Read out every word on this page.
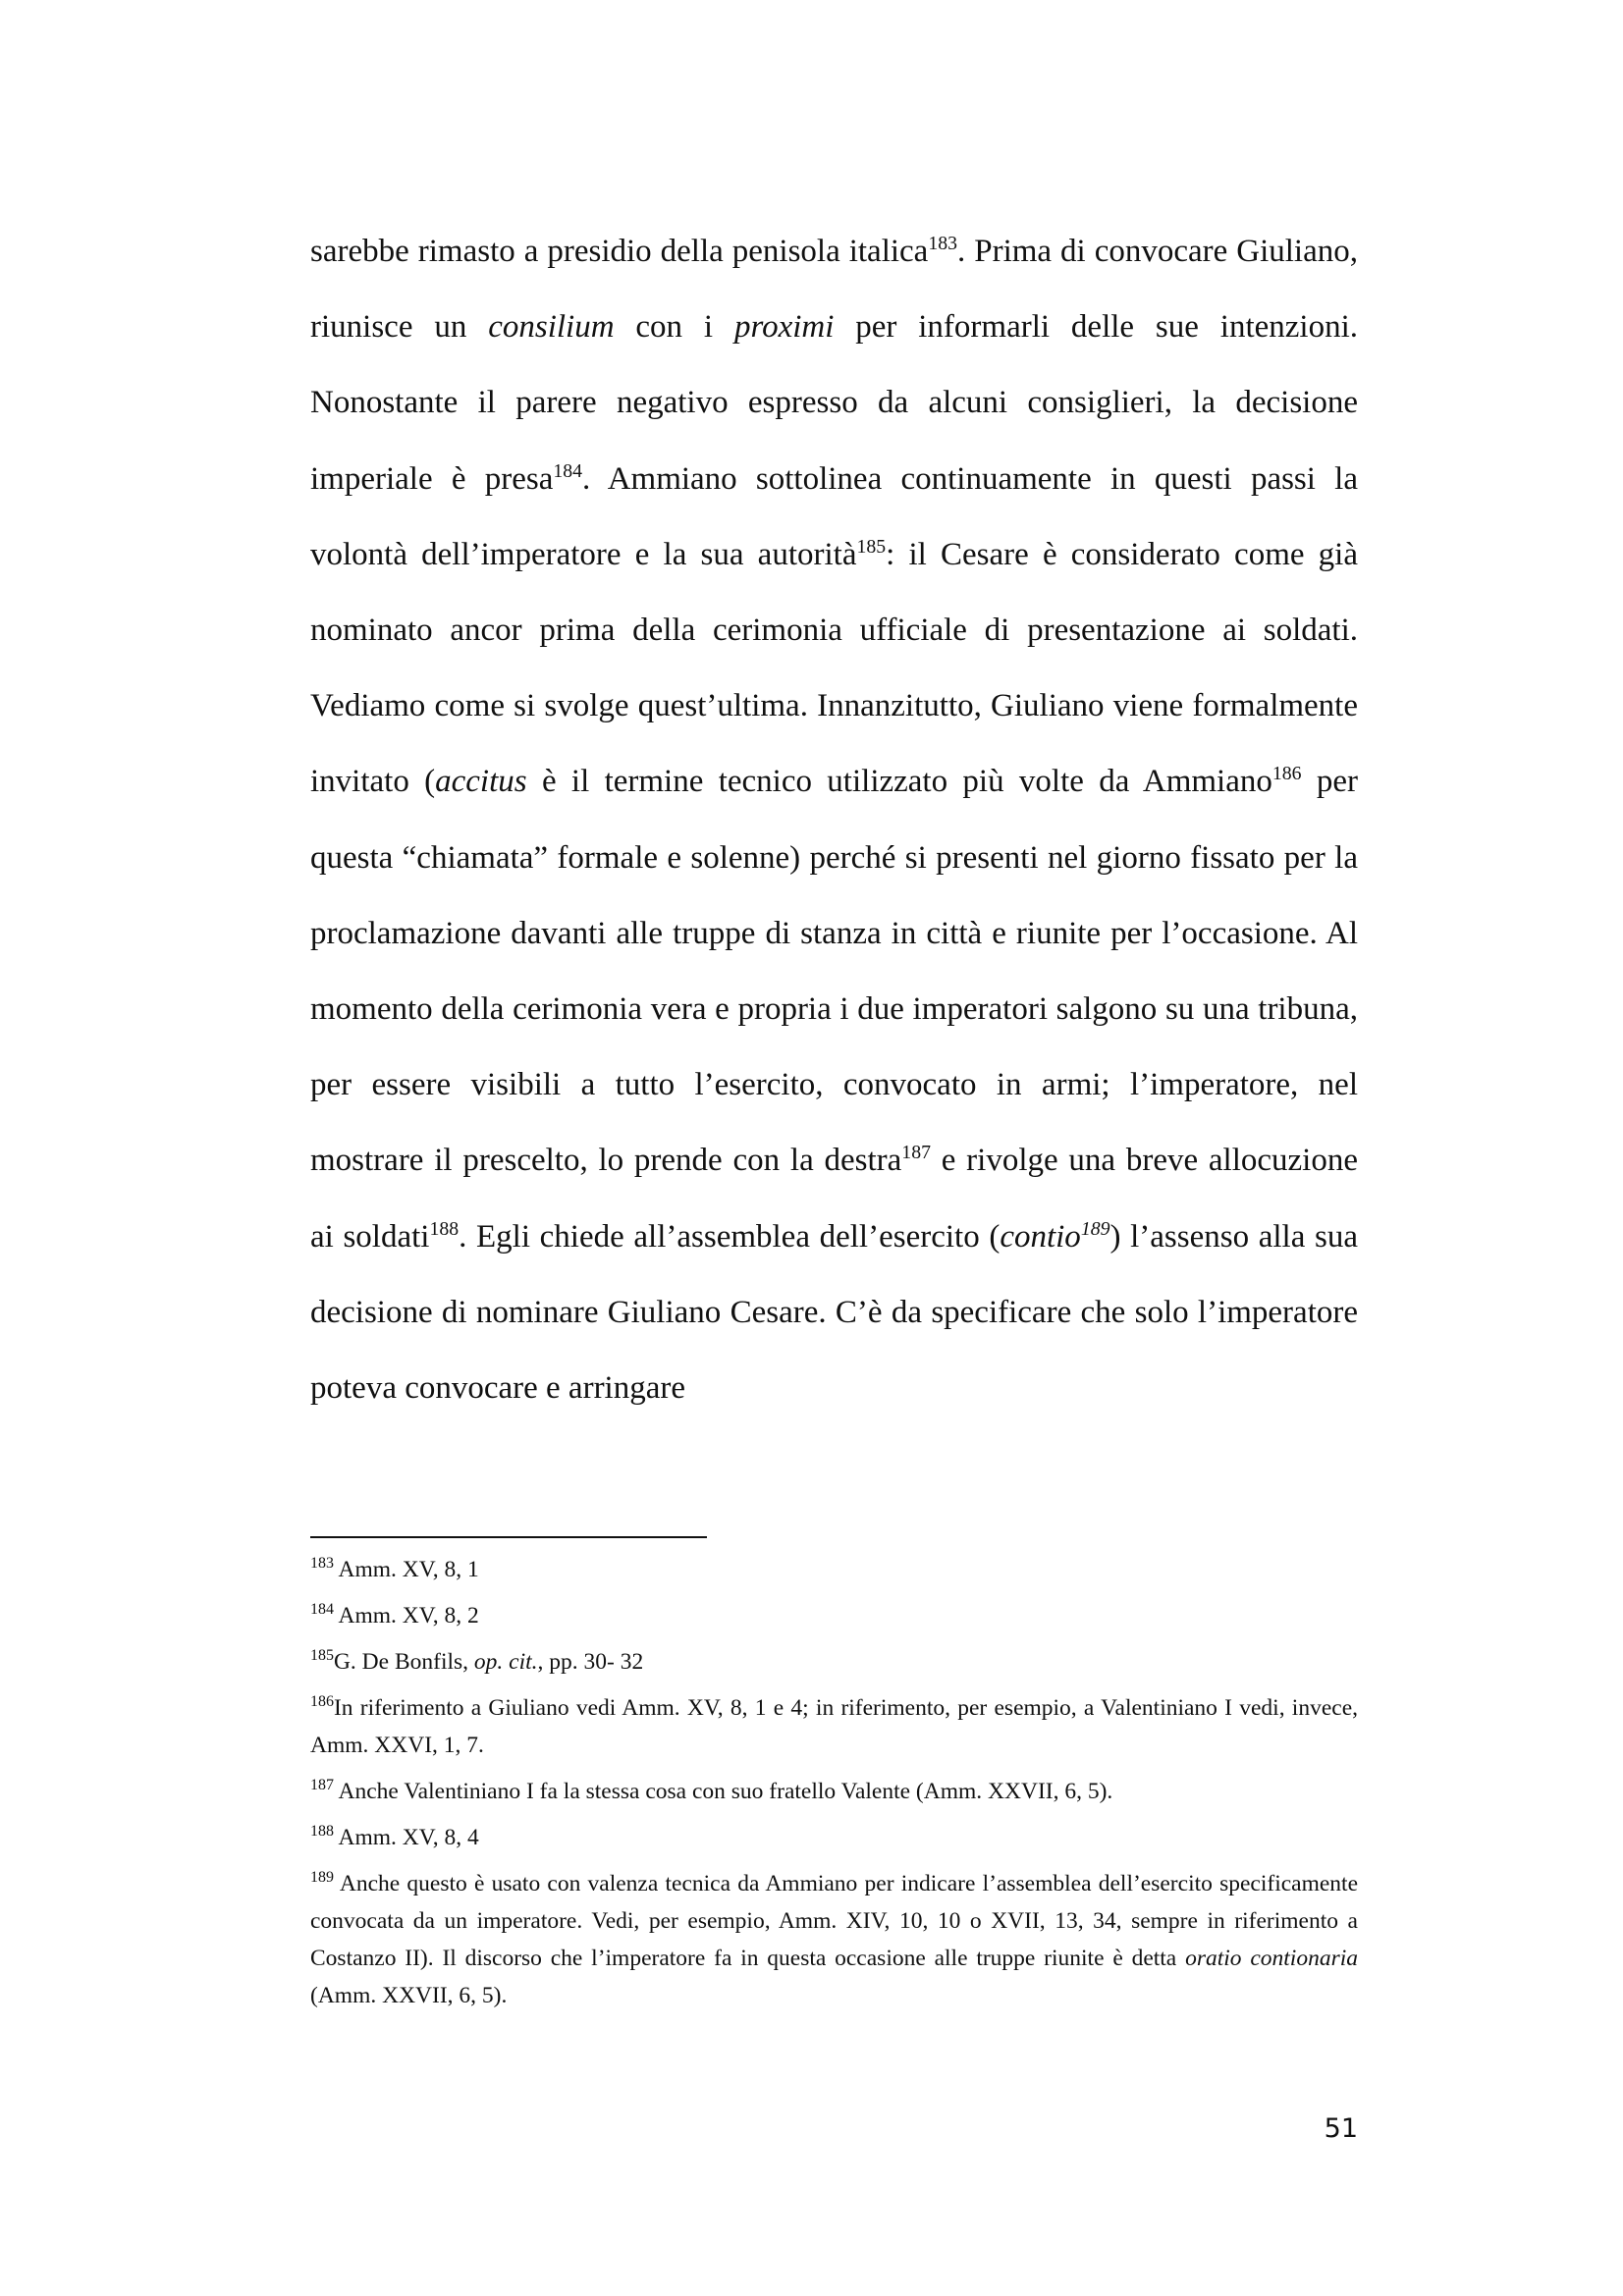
sarebbe rimasto a presidio della penisola italica$^{183}$. Prima di convocare Giuliano, riunisce un consilium con i proximi per informarli delle sue intenzioni. Nonostante il parere negativo espresso da alcuni consiglieri, la decisione imperiale è presa$^{184}$. Ammiano sottolinea continuamente in questi passi la volontà dell’imperatore e la sua autorità$^{185}$: il Cesare è considerato come già nominato ancor prima della cerimonia ufficiale di presentazione ai soldati. Vediamo come si svolge quest’ultima. Innanzitutto, Giuliano viene formalmente invitato (accitus è il termine tecnico utilizzato più volte da Ammiano$^{186}$ per questa “chiamata” formale e solenne) perché si presenti nel giorno fissato per la proclamazione davanti alle truppe di stanza in città e riunite per l’occasione. Al momento della cerimonia vera e propria i due imperatori salgono su una tribuna, per essere visibili a tutto l’esercito, convocato in armi; l’imperatore, nel mostrare il prescelto, lo prende con la destra$^{187}$ e rivolge una breve allocuzione ai soldati$^{188}$. Egli chiede all’assemblea dell’esercito (contio$^{189}$) l’assenso alla sua decisione di nominare Giuliano Cesare. C’è da specificare che solo l’imperatore poteva convocare e arringare

$^{183}$ Amm. XV, 8, 1

$^{184}$ Amm. XV, 8, 2

$^{185}$G. De Bonfils, op. cit., pp. 30- 32

$^{186}$In riferimento a Giuliano vedi Amm. XV, 8, 1 e 4; in riferimento, per esempio, a Valentiniano I vedi, invece, Amm. XXVI, 1, 7.

$^{187}$ Anche Valentiniano I fa la stessa cosa con suo fratello Valente (Amm. XXVII, 6, 5).

$^{188}$ Amm. XV, 8, 4

$^{189}$ Anche questo è usato con valenza tecnica da Ammiano per indicare l’assemblea dell’esercito specificamente convocata da un imperatore. Vedi, per esempio, Amm. XIV, 10, 10 o XVII, 13, 34, sempre in riferimento a Costanzo II). Il discorso che l’imperatore fa in questa occasione alle truppe riunite è detta oratio contionaria (Amm. XXVII, 6, 5).

51
